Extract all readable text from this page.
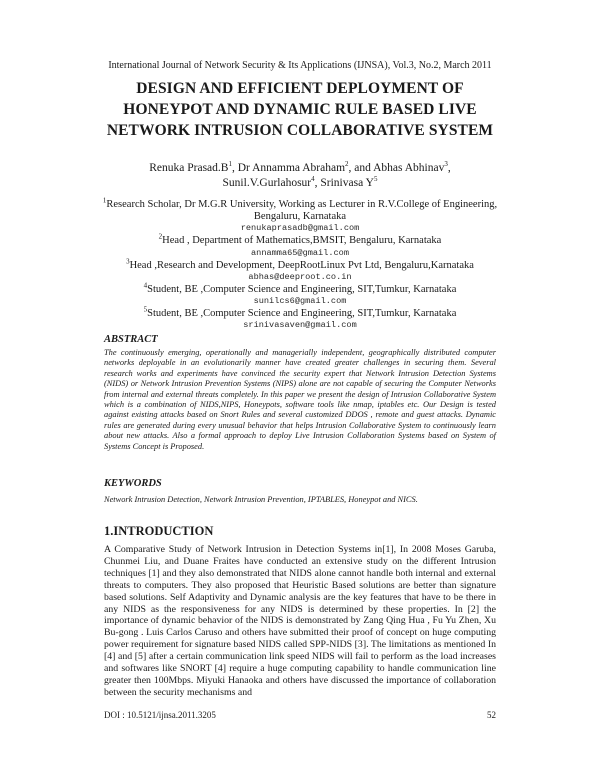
International Journal of Network Security & Its Applications (IJNSA), Vol.3, No.2, March 2011
DESIGN AND EFFICIENT DEPLOYMENT OF
HONEYPOT AND DYNAMIC RULE BASED LIVE
NETWORK INTRUSION COLLABORATIVE SYSTEM
Renuka $Prasad.B^1$, Dr Annamma Abraham$^2$, and Abhas Abhinav$^3$,
Sunil.V.Gurlahosur$^4$, Srinivasa $Y^5$
$^1$Research Scholar, Dr M.G.R University, Working as Lecturer in R.V.College of Engineering, Bengaluru, Karnataka
renukaprasadb@gmail.com
$^2$Head , Department of Mathematics,BMSIT, Bengaluru, Karnataka
annamma65@gmail.com
$^3$Head ,Research and Development, DeepRootLinux Pvt Ltd, Bengaluru,Karnataka
abhas@deeproot.co.in
$^4$Student, BE ,Computer Science and Engineering, SIT,Tumkur, Karnataka
sunilcs6@gmail.com
$^5$Student, BE ,Computer Science and Engineering, SIT,Tumkur, Karnataka
srinivasaven@gmail.com
ABSTRACT
The continuously emerging, operationally and managerially independent, geographically distributed computer networks deployable in an evolutionarily manner have created greater challenges in securing them. Several research works and experiments have convinced the security expert that Network Intrusion Detection Systems (NIDS) or Network Intrusion Prevention Systems (NIPS) alone are not capable of securing the Computer Networks from internal and external threats completely. In this paper we present the design of Intrusion Collaborative System which is a combination of NIDS,NIPS, Honeypots, software tools like nmap, iptables etc. Our Design is tested against existing attacks based on Snort Rules and several customized DDOS , remote and guest attacks. Dynamic rules are generated during every unusual behavior that helps Intrusion Collaborative System to continuously learn about new attacks. Also a formal approach to deploy Live Intrusion Collaboration Systems based on System of Systems Concept is Proposed.
KEYWORDS
Network Intrusion Detection, Network Intrusion Prevention, IPTABLES, Honeypot and NICS.
1.INTRODUCTION
A Comparative Study of Network Intrusion in Detection Systems in[1], In 2008 Moses Garuba, Chunmei Liu, and Duane Fraites have conducted an extensive study on the different Intrusion techniques [1] and they also demonstrated that NIDS alone cannot handle both internal and external threats to computers. They also proposed that Heuristic Based solutions are better than signature based solutions. Self Adaptivity and Dynamic analysis are the key features that have to be there in any NIDS as the responsiveness for any NIDS is determined by these properties. In [2] the importance of dynamic behavior of the NIDS is demonstrated by Zang Qing Hua , Fu Yu Zhen, Xu Bu-gong . Luis Carlos Caruso and others have submitted their proof of concept on huge computing power requirement for signature based NIDS called SPP-NIDS [3]. The limitations as mentioned In [4] and [5] after a certain communication link speed NIDS will fail to perform as the load increases and softwares like SNORT [4] require a huge computing capability to handle communication line greater then 100Mbps. Miyuki Hanaoka and others have discussed the importance of collaboration between the security mechanisms and
DOI : 10.5121/ijnsa.2011.3205	52
